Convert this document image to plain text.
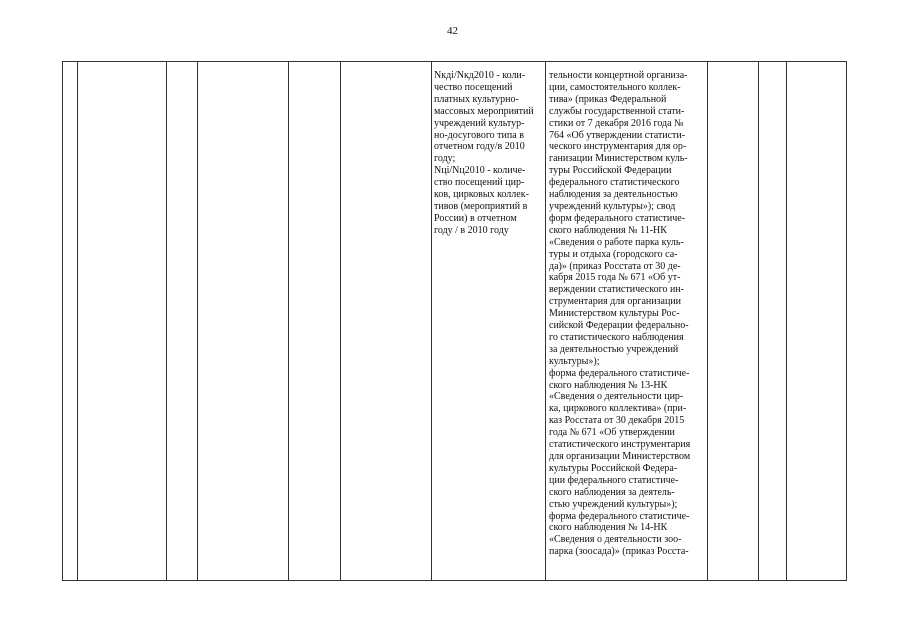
42
Nкдi/Nкд2010 - коли-
чество посещений
платных культурно-
массовых мероприятий
учреждений культур-
но-досугового типа в
отчетном году/в 2010
году;
Nцi/Nц2010 - количе-
ство посещений цир-
ков, цирковых коллек-
тивов (мероприятий в
России) в отчетном
году / в 2010 году
тельности концертной организа-
ции, самостоятельного коллек-
тива» (приказ Федеральной
службы государственной стати-
стики от 7 декабря 2016 года №
764 «Об утверждении статисти-
ческого инструментария для ор-
ганизации Министерством куль-
туры Российской Федерации
федерального статистического
наблюдения за деятельностью
учреждений культуры»); свод
форм федерального статистиче-
ского наблюдения № 11-НК
«Сведения о работе парка куль-
туры и отдыха (городского са-
да)» (приказ Росстата от 30 де-
кабря 2015 года № 671 «Об ут-
верждении статистического ин-
струментария для организации
Министерством культуры Рос-
сийской Федерации федерально-
го статистического наблюдения
за деятельностью учреждений
культуры»);
форма федерального статистиче-
ского наблюдения № 13-НК
«Сведения о деятельности цир-
ка, циркового коллектива» (при-
каз Росстата от 30 декабря 2015
года № 671 «Об утверждении
статистического инструментария
для организации Министерством
культуры Российской Федера-
ции федерального статистиче-
ского наблюдения за деятель-
стью учреждений культуры»);
форма федерального статистиче-
ского наблюдения № 14-НК
«Сведения о деятельности зоо-
парка (зоосада)» (приказ Росста-
